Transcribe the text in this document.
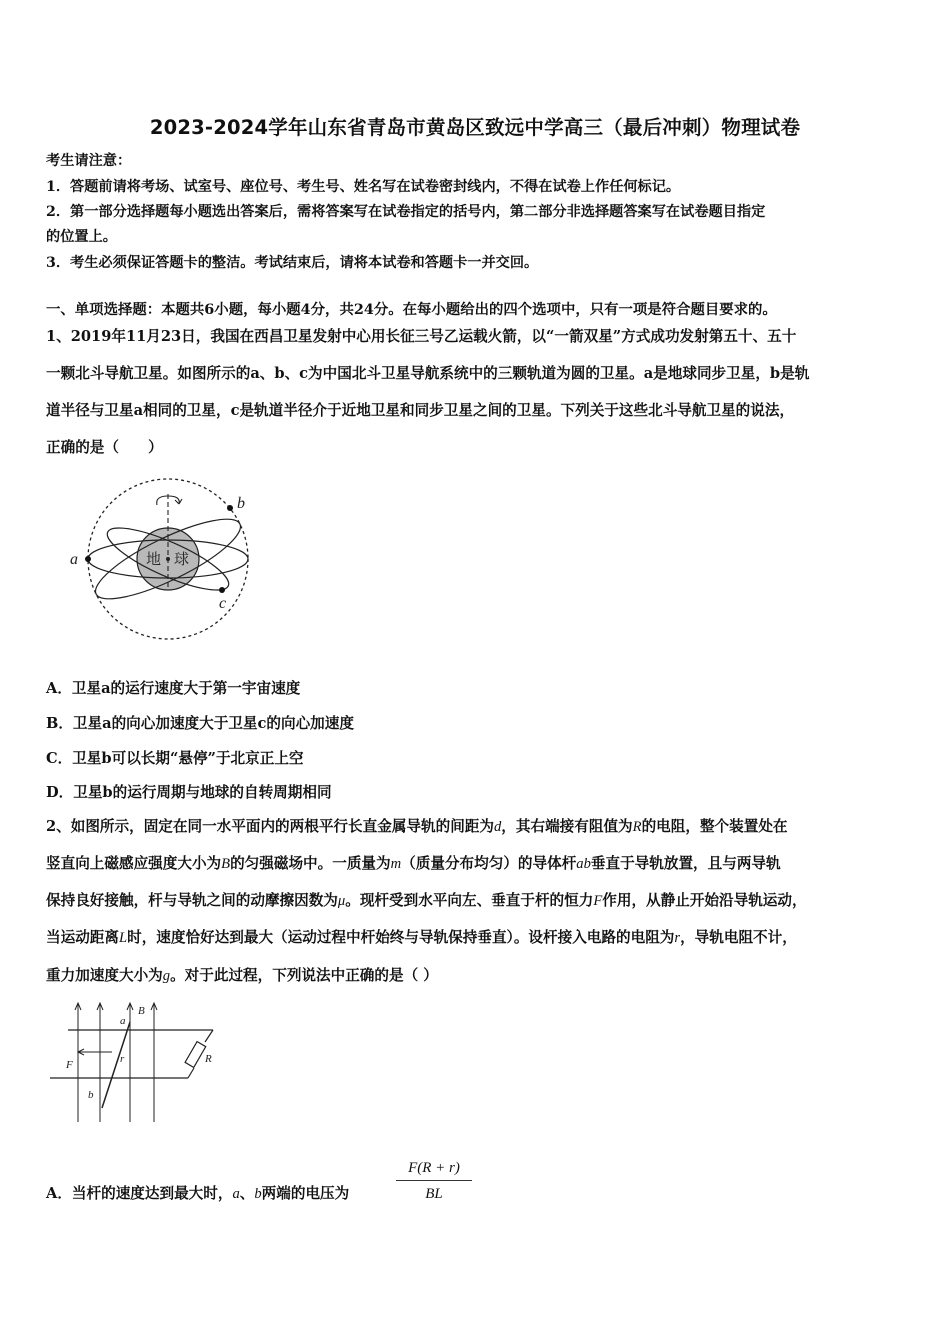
2023-2024学年山东省青岛市黄岛区致远中学高三（最后冲刺）物理试卷
考生请注意：
1．答题前请将考场、试室号、座位号、考生号、姓名写在试卷密封线内，不得在试卷上作任何标记。
2．第一部分选择题每小题选出答案后，需将答案写在试卷指定的括号内，第二部分非选择题答案写在试卷题目指定
的位置上。
3．考生必须保证答题卡的整洁。考试结束后，请将本试卷和答题卡一并交回。
一、单项选择题：本题共6小题，每小题4分，共24分。在每小题给出的四个选项中，只有一项是符合题目要求的。
1、2019年11月23日，我国在西昌卫星发射中心用长征三号乙运载火箭，以“一箭双星”方式成功发射第五十、五十
一颗北斗导航卫星。如图所示的a、b、c为中国北斗卫星导航系统中的三颗轨道为圆的卫星。a是地球同步卫星，b是轨
道半径与卫星a相同的卫星，c是轨道半径介于近地卫星和同步卫星之间的卫星。下列关于这些北斗导航卫星的说法，
正确的是（　　）
地 球
a
b
c
A．卫星a的运行速度大于第一宇宙速度
B．卫星a的向心加速度大于卫星c的向心加速度
C．卫星b可以长期“悬停”于北京正上空
D．卫星b的运行周期与地球的自转周期相同
2、如图所示，固定在同一水平面内的两根平行长直金属导轨的间距为d，其右端接有阻值为R的电阻，整个装置处在
竖直向上磁感应强度大小为B的匀强磁场中。一质量为m（质量分布均匀）的导体杆ab垂直于导轨放置，且与两导轨
保持良好接触，杆与导轨之间的动摩擦因数为μ。现杆受到水平向左、垂直于杆的恒力F作用，从静止开始沿导轨运动，
当运动距离L时，速度恰好达到最大（运动过程中杆始终与导轨保持垂直）。设杆接入电路的电阻为r，导轨电阻不计，
重力加速度大小为g。对于此过程，下列说法中正确的是（ ）
a
B
F	r	R
b
A．当杆的速度达到最大时，a、b两端的电压为
F(R + r)
BL
